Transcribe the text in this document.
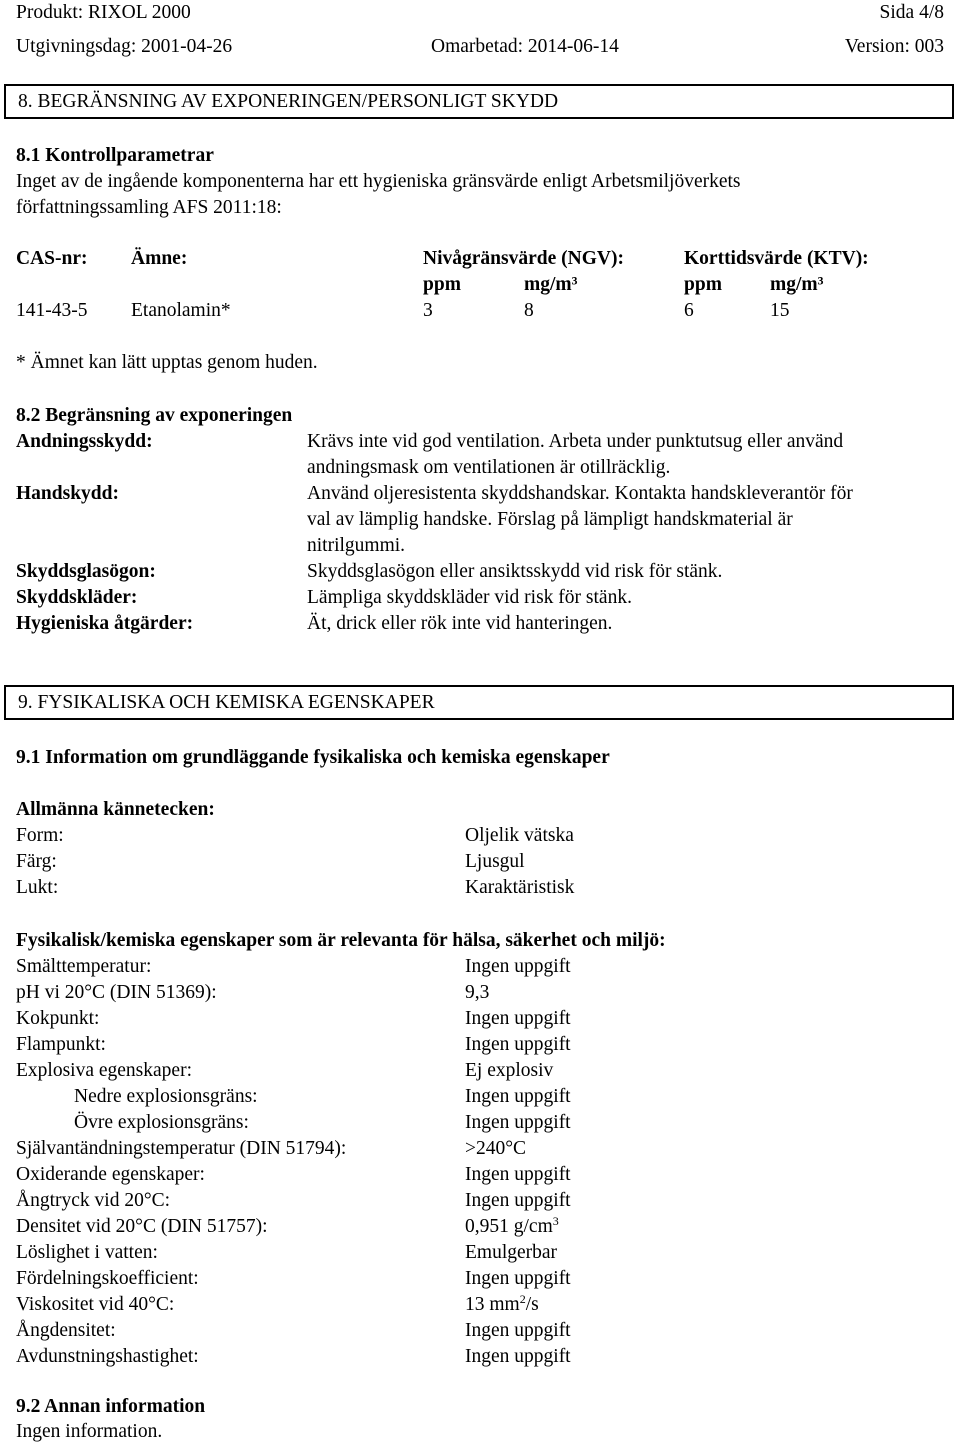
Produkt: RIXOL 2000	Sida 4/8
Utgivningsdag: 2001-04-26	Omarbetad: 2014-06-14	Version: 003
8. BEGRÄNSNING AV EXPONERINGEN/PERSONLIGT SKYDD
8.1 Kontrollparametrar
Inget av de ingående komponenterna har ett hygieniska gränsvärde enligt Arbetsmiljöverkets
författningssamling AFS 2011:18:
CAS-nr: Ämne:	Nivågränsvärde (NGV):	Korttidsvärde (KTV):
ppm	mg/m³	ppm mg/m³
141-43-5 Etanolamin*	3	8	6	15
* Ämnet kan lätt upptas genom huden.
8.2 Begränsning av exponeringen
Andningsskydd:	Krävs inte vid god ventilation. Arbeta under punktutsug eller använd
andningsmask om ventilationen är otillräcklig.
Handskydd:	Använd oljeresistenta skyddshandskar. Kontakta handskleverantör för
val av lämplig handske. Förslag på lämpligt handskmaterial är
nitrilgummi.
Skyddsglasögon:	Skyddsglasögon eller ansiktsskydd vid risk för stänk.
Skyddskläder:	Lämpliga skyddskläder vid risk för stänk.
Hygieniska åtgärder:	Ät, drick eller rök inte vid hanteringen.
9. FYSIKALISKA OCH KEMISKA EGENSKAPER
9.1 Information om grundläggande fysikaliska och kemiska egenskaper
Allmänna kännetecken:
Form:	Oljelik vätska
Färg:	Ljusgul
Lukt:	Karaktäristisk
Fysikalisk/kemiska egenskaper som är relevanta för hälsa, säkerhet och miljö:
Smälttemperatur:	Ingen uppgift
pH vi 20°C (DIN 51369):	9,3
Kokpunkt:	Ingen uppgift
Flampunkt:	Ingen uppgift
Explosiva egenskaper:	Ej explosiv
Nedre explosionsgräns:	Ingen uppgift
Övre explosionsgräns:	Ingen uppgift
Självantändningstemperatur (DIN 51794):	>240°C
Oxiderande egenskaper:	Ingen uppgift
Ångtryck vid 20°C:	Ingen uppgift
Densitet vid 20°C (DIN 51757):	0,951 $g/cm^3$
Löslighet i vatten:	Emulgerbar
Fördelningskoefficient:	Ingen uppgift
Viskositet vid 40°C:	13 $mm^2/s$
Ångdensitet:	Ingen uppgift
Avdunstningshastighet:	Ingen uppgift
9.2 Annan information
Ingen information.
